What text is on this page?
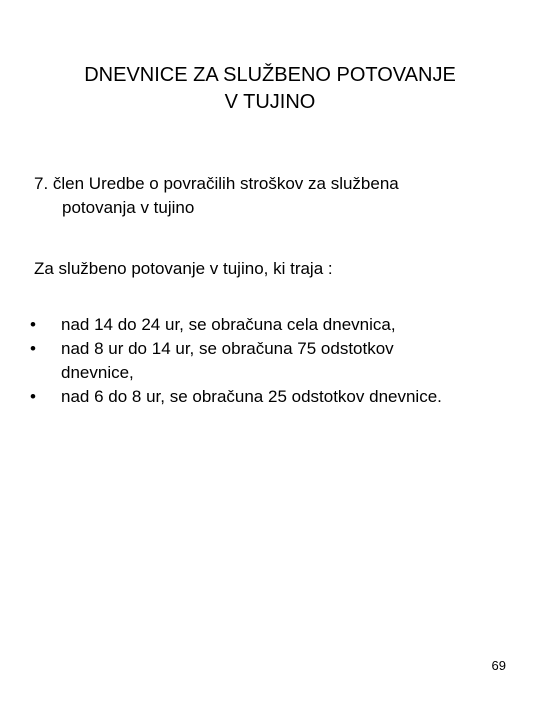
DNEVNICE ZA SLUŽBENO POTOVANJE
V TUJINO
7. člen Uredbe o povračilih stroškov za službena
potovanja v tujino
Za službeno potovanje v tujino, ki traja :
•	nad 14 do 24 ur, se obračuna cela dnevnica,
•	nad 8 ur do 14 ur, se obračuna 75 odstotkov
dnevnice,
•	nad 6 do 8 ur, se obračuna 25 odstotkov dnevnice.
69
